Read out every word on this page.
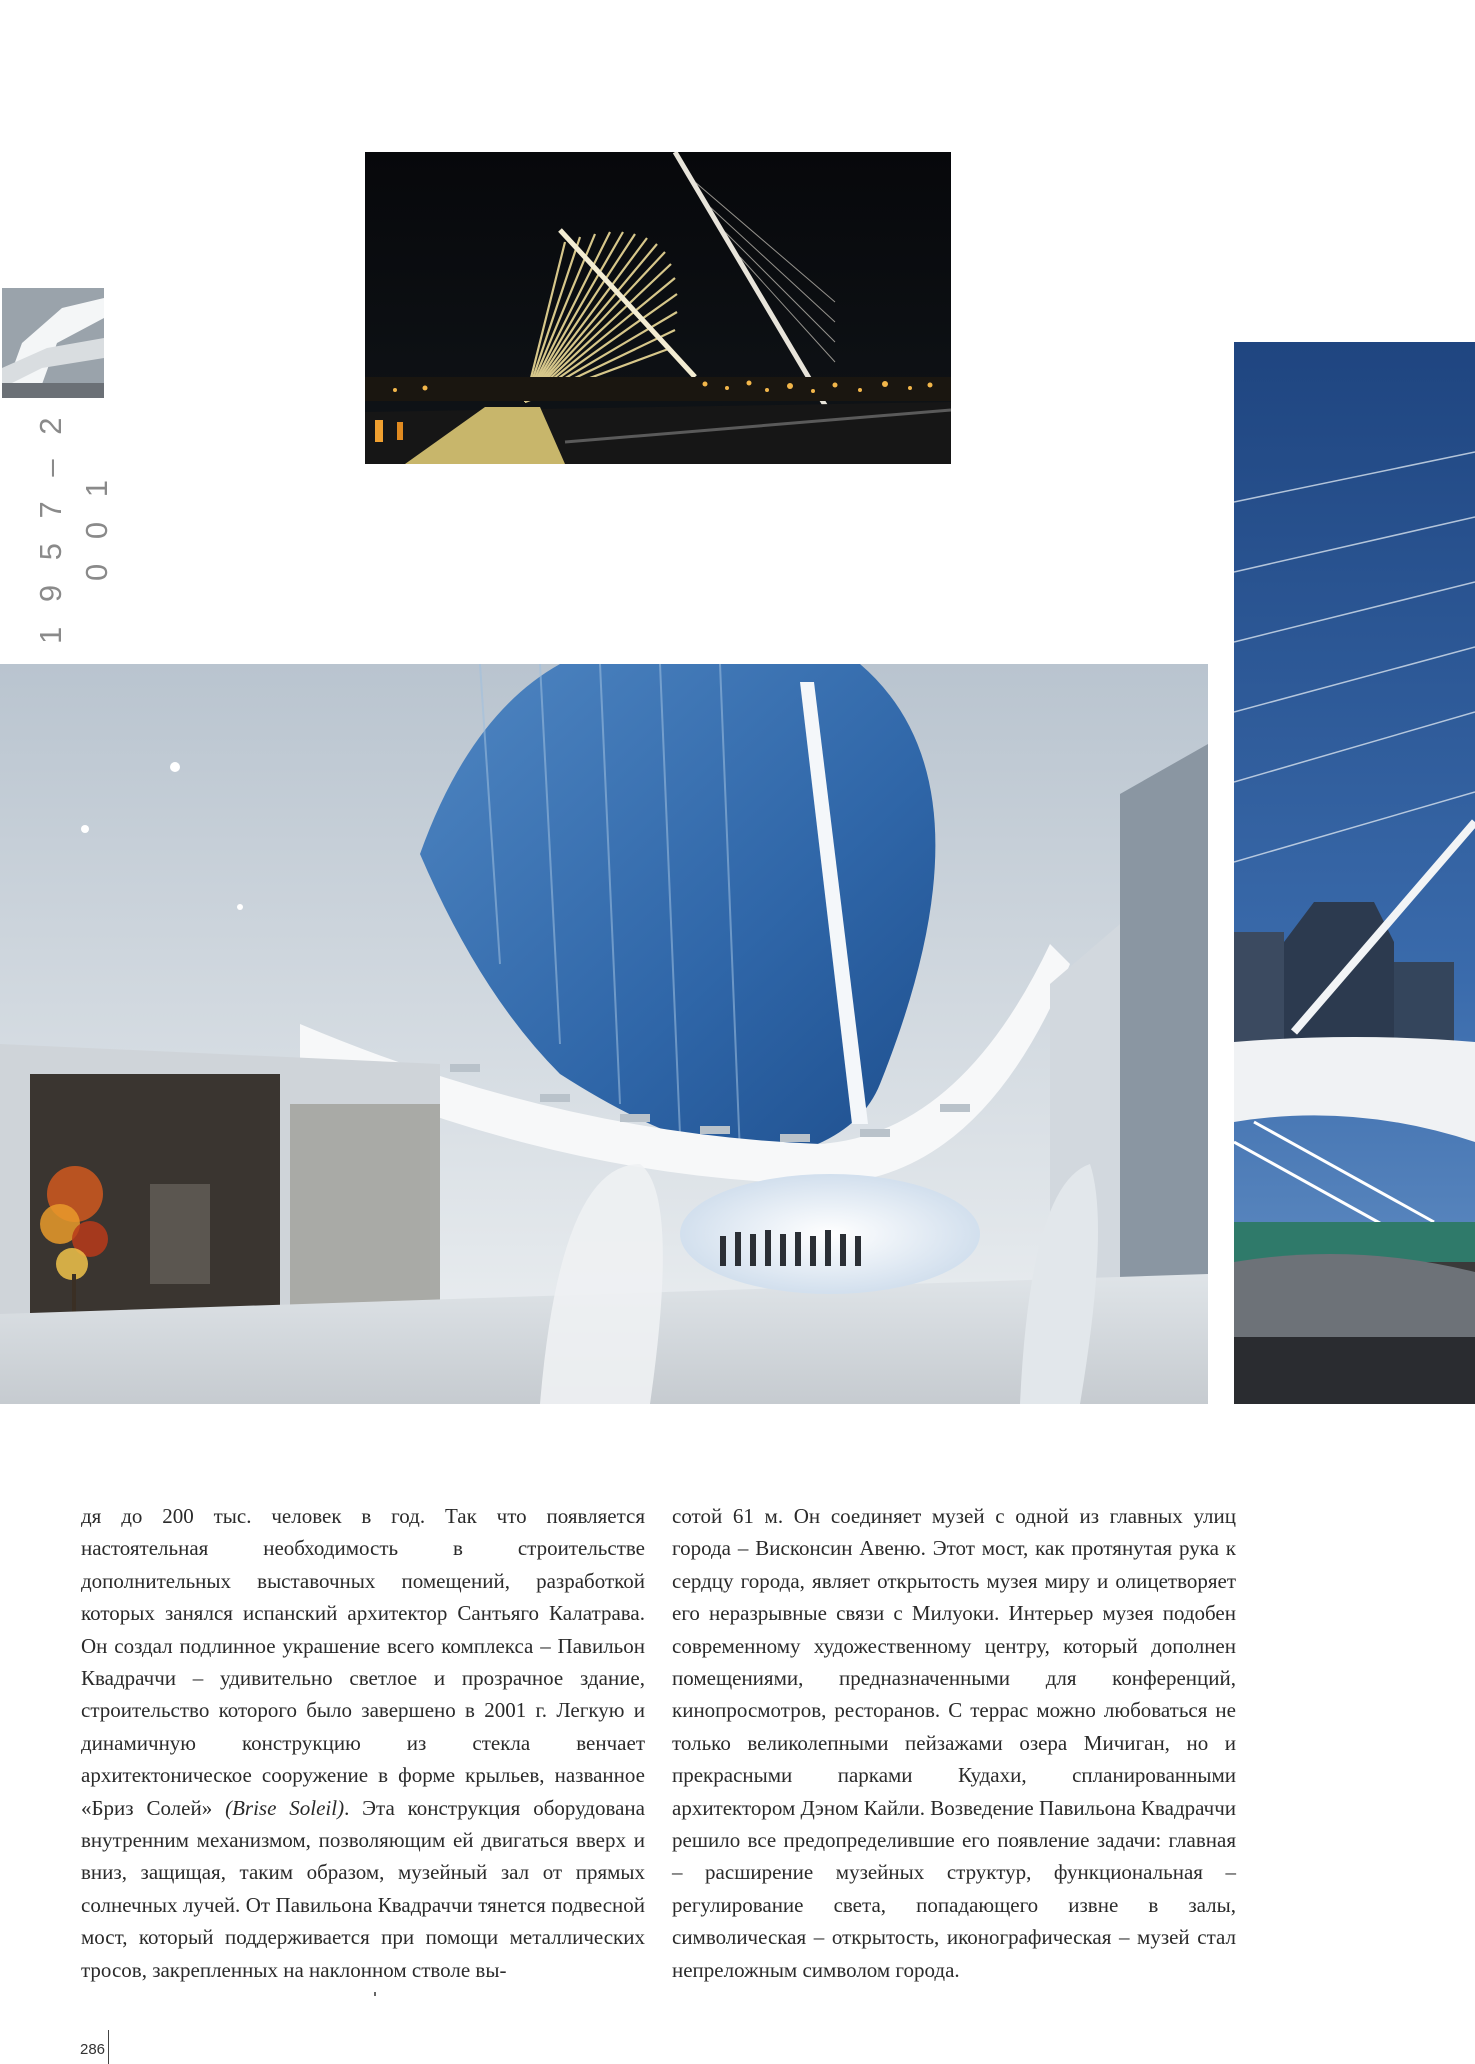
1 9 5 7 – 2 0 0 1

дя до 200 тыс. человек в год. Так что появляется настоятельная необходимость в строительстве дополнительных выставочных помещений, разработкой которых занялся испанский архитектор Сантьяго Калатрава. Он создал подлинное украшение всего комплекса – Павильон Квадраччи – удивительно светлое и прозрачное здание, строительство которого было завершено в 2001 г. Легкую и динамичную конструкцию из стекла венчает архитектоническое сооружение в форме крыльев, названное «Бриз Солей» (Brise Soleil). Эта конструкция оборудована внутренним механизмом, позволяющим ей двигаться вверх и вниз, защищая, таким образом, музейный зал от прямых солнечных лучей. От Павильона Квадраччи тянется подвесной мост, который поддерживается при помощи металлических тросов, закрепленных на наклонном стволе вы-

сотой 61 м. Он соединяет музей с одной из главных улиц города – Висконсин Авеню. Этот мост, как протянутая рука к сердцу города, являет открытость музея миру и олицетворяет его неразрывные связи с Милуоки. Интерьер музея подобен современному художественному центру, который дополнен помещениями, предназначенными для конференций, кинопросмотров, ресторанов. С террас можно любоваться не только великолепными пейзажами озера Мичиган, но и прекрасными парками Кудахи, спланированными архитектором Дэном Кайли. Возведение Павильона Квадраччи решило все предопределившие его появление задачи: главная – расширение музейных структур, функциональная – регулирование света, попадающего извне в залы, символическая – открытость, иконографическая – музей стал непреложным символом города.

286
